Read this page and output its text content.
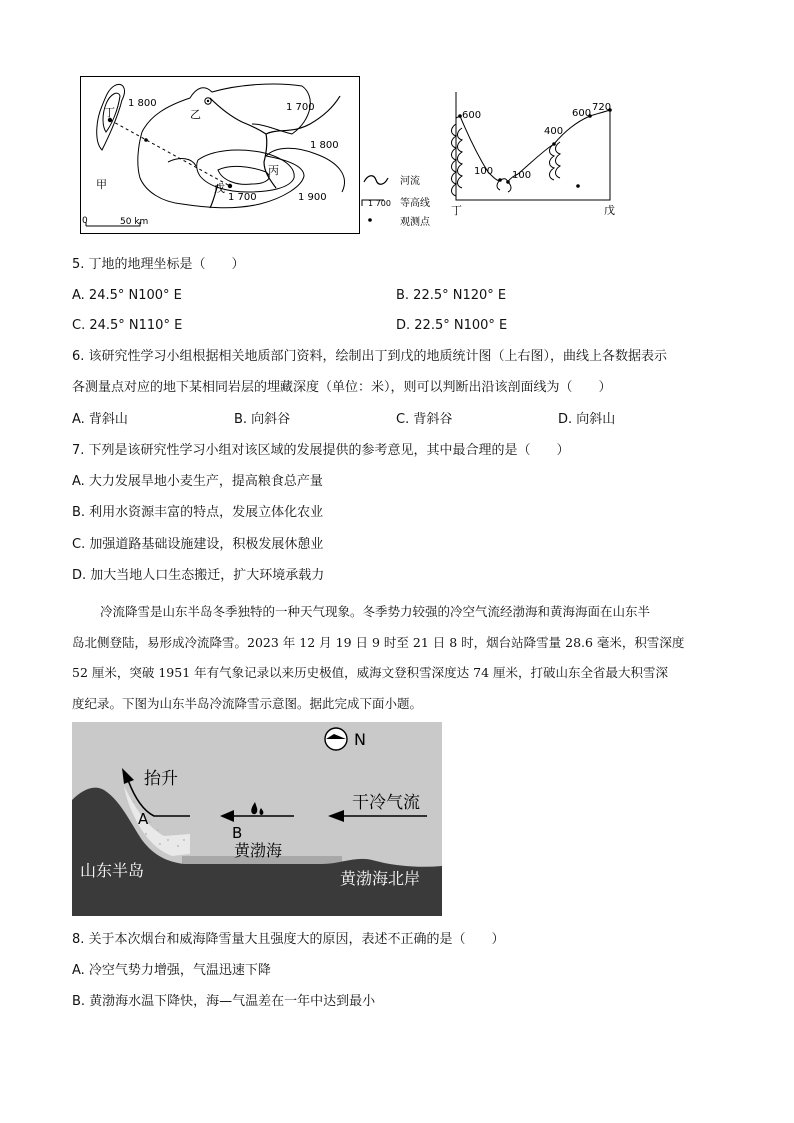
1 800	1 700
1 800
1 900
1 700
丁	乙
丙
甲	戊
0	50 km
河流
1 700 等高线
观测点
600
100 100
400
600
720
丁	戊
5. 丁地的地理坐标是（　　）
A. 24.5° N100° E	B. 22.5° N120° E
C. 24.5° N110° E	D. 22.5° N100° E
6. 该研究性学习小组根据相关地质部门资料，绘制出丁到戊的地质统计图（上右图），曲线上各数据表示
各测量点对应的地下某相同岩层的埋藏深度（单位：米），则可以判断出沿该剖面线为（　　）
A. 背斜山	B. 向斜谷	C. 背斜谷	D. 向斜山
7. 下列是该研究性学习小组对该区域的发展提供的参考意见，其中最合理的是（　　）
A. 大力发展旱地小麦生产，提高粮食总产量
B. 利用水资源丰富的特点，发展立体化农业
C. 加强道路基础设施建设，积极发展休憩业
D. 加大当地人口生态搬迁，扩大环境承载力
冷流降雪是山东半岛冬季独特的一种天气现象。冬季势力较强的冷空气流经渤海和黄海海面在山东半
岛北侧登陆，易形成冷流降雪。2023 年 12 月 19 日 9 时至 21 日 8 时，烟台站降雪量 28.6 毫米，积雪深度
52 厘米，突破 1951 年有气象记录以来历史极值，威海文登积雪深度达 74 厘米，打破山东全省最大积雪深
度纪录。下图为山东半岛冷流降雪示意图。据此完成下面小题。
N
抬升
A
B
干冷气流
黄渤海
山东半岛	黄渤海北岸
8. 关于本次烟台和威海降雪量大且强度大的原因，表述不正确的是（　　）
A. 冷空气势力增强，气温迅速下降
B. 黄渤海水温下降快，海—气温差在一年中达到最小
